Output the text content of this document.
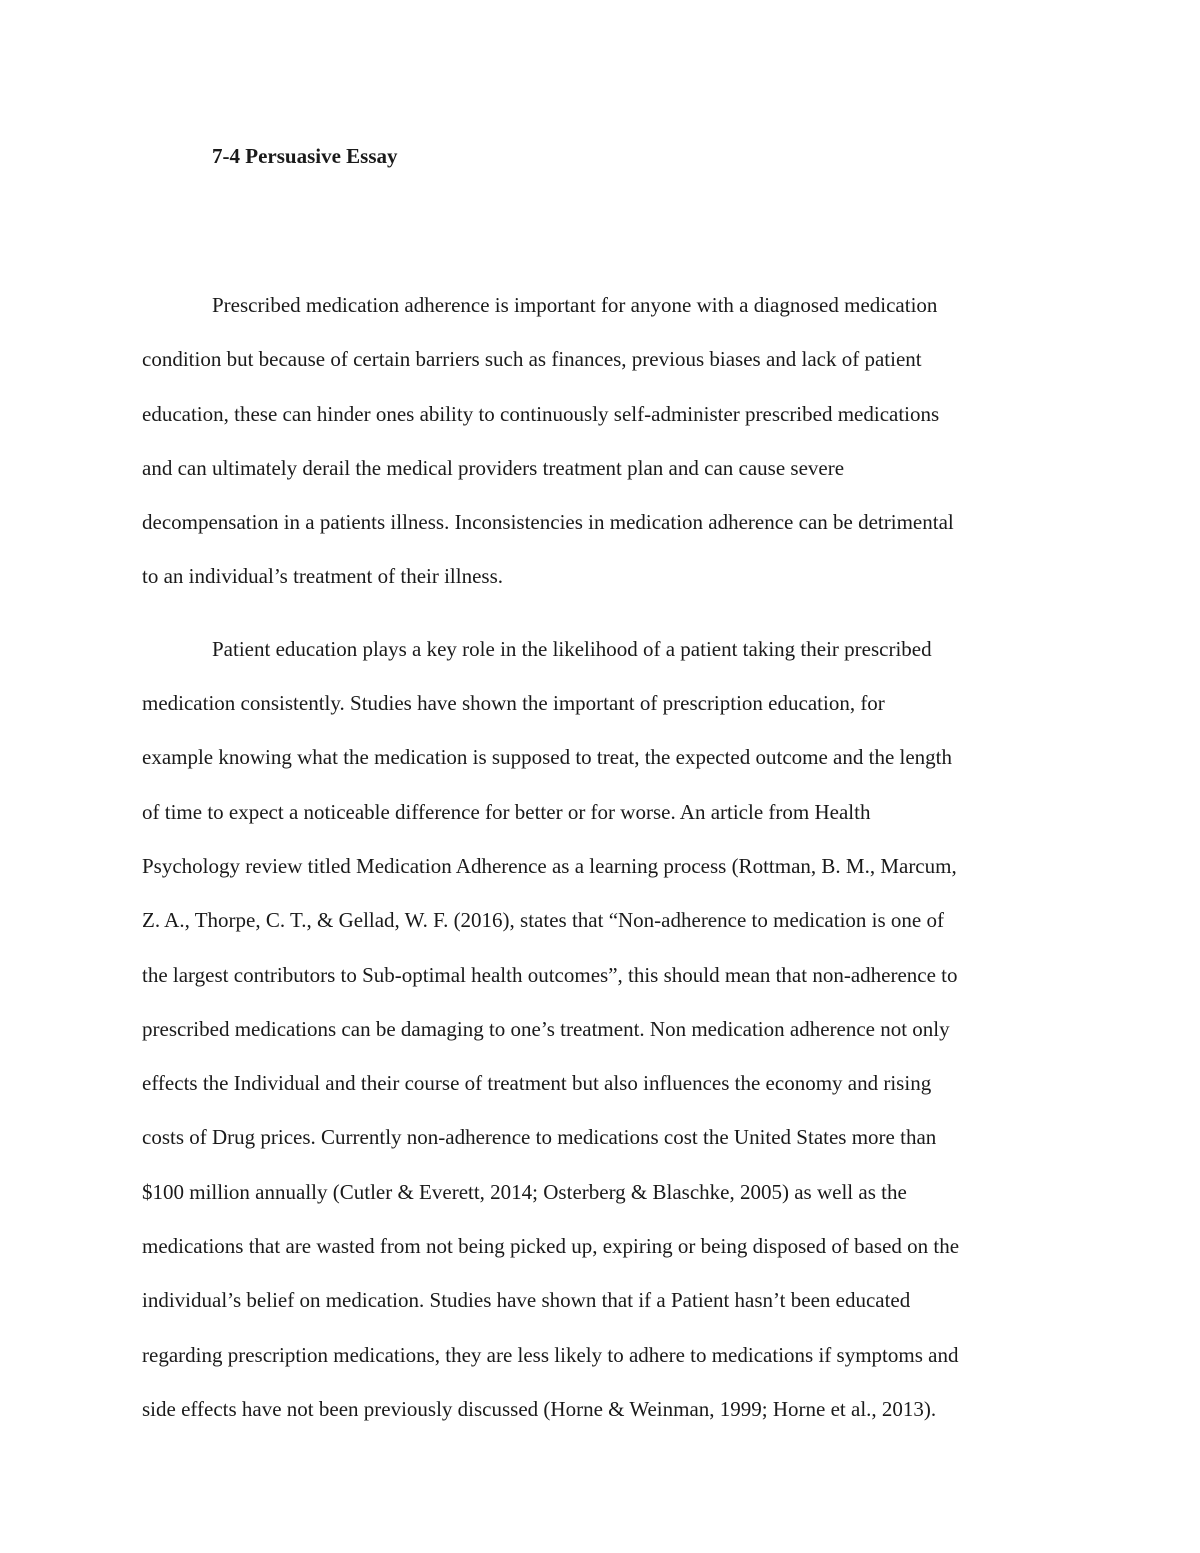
7-4 Persuasive Essay

Prescribed medication adherence is important for anyone with a diagnosed medication
condition but because of certain barriers such as finances, previous biases and lack of patient
education, these can hinder ones ability to continuously self-administer prescribed medications
and can ultimately derail the medical providers treatment plan and can cause severe
decompensation in a patients illness. Inconsistencies in medication adherence can be detrimental
to an individual’s treatment of their illness.

Patient education plays a key role in the likelihood of a patient taking their prescribed
medication consistently. Studies have shown the important of prescription education, for
example knowing what the medication is supposed to treat, the expected outcome and the length
of time to expect a noticeable difference for better or for worse. An article from Health
Psychology review titled Medication Adherence as a learning process (Rottman, B. M., Marcum,
Z. A., Thorpe, C. T., & Gellad, W. F. (2016), states that “Non-adherence to medication is one of
the largest contributors to Sub-optimal health outcomes”, this should mean that non-adherence to
prescribed medications can be damaging to one’s treatment. Non medication adherence not only
effects the Individual and their course of treatment but also influences the economy and rising
costs of Drug prices. Currently non-adherence to medications cost the United States more than
$100 million annually (Cutler & Everett, 2014; Osterberg & Blaschke, 2005) as well as the
medications that are wasted from not being picked up, expiring or being disposed of based on the
individual’s belief on medication. Studies have shown that if a Patient hasn’t been educated
regarding prescription medications, they are less likely to adhere to medications if symptoms and
side effects have not been previously discussed (Horne & Weinman, 1999; Horne et al., 2013).
